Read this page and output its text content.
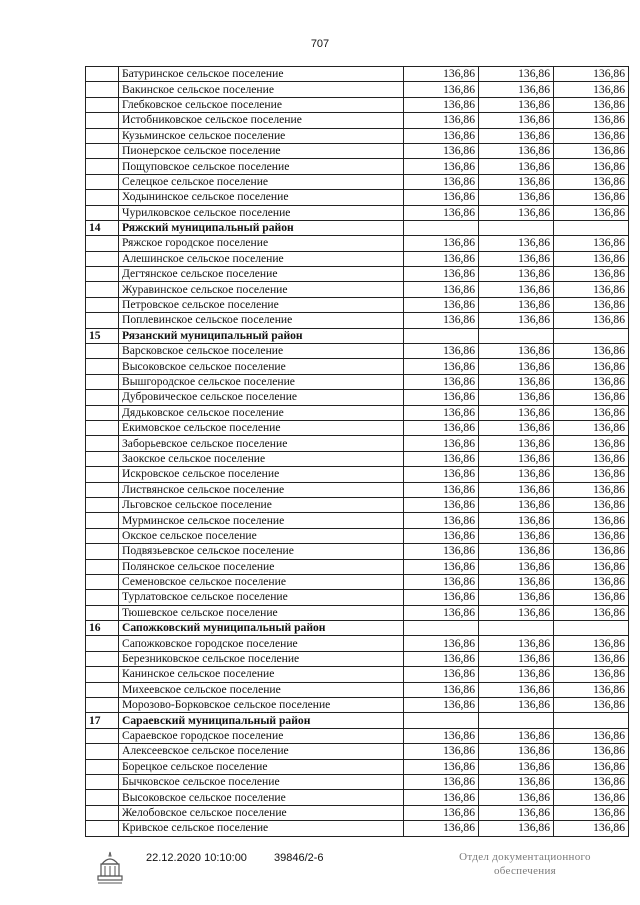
707
	Батуринское сельское поселение	136,86	136,86	136,86
	Вакинское сельское поселение	136,86	136,86	136,86
	Глебковское сельское поселение	136,86	136,86	136,86
	Истобниковское сельское поселение	136,86	136,86	136,86
	Кузьминское сельское поселение	136,86	136,86	136,86
	Пионерское сельское поселение	136,86	136,86	136,86
	Пощуповское сельское поселение	136,86	136,86	136,86
	Селецкое сельское поселение	136,86	136,86	136,86
	Ходынинское сельское поселение	136,86	136,86	136,86
	Чурилковское сельское поселение	136,86	136,86	136,86
14	Ряжский муниципальный район			
	Ряжское городское поселение	136,86	136,86	136,86
	Алешинское сельское поселение	136,86	136,86	136,86
	Дегтянское сельское поселение	136,86	136,86	136,86
	Журавинское сельское поселение	136,86	136,86	136,86
	Петровское сельское поселение	136,86	136,86	136,86
	Поплевинское сельское поселение	136,86	136,86	136,86
15	Рязанский муниципальный район			
	Варсковское сельское поселение	136,86	136,86	136,86
	Высоковское сельское поселение	136,86	136,86	136,86
	Вышгородское сельское поселение	136,86	136,86	136,86
	Дубровическое сельское поселение	136,86	136,86	136,86
	Дядьковское сельское поселение	136,86	136,86	136,86
	Екимовское сельское поселение	136,86	136,86	136,86
	Заборьевское сельское поселение	136,86	136,86	136,86
	Заокское сельское поселение	136,86	136,86	136,86
	Искровское сельское поселение	136,86	136,86	136,86
	Листвянское сельское поселение	136,86	136,86	136,86
	Льговское сельское поселение	136,86	136,86	136,86
	Мурминское сельское поселение	136,86	136,86	136,86
	Окское сельское поселение	136,86	136,86	136,86
	Подвязьевское сельское поселение	136,86	136,86	136,86
	Полянское сельское поселение	136,86	136,86	136,86
	Семеновское сельское поселение	136,86	136,86	136,86
	Турлатовское сельское поселение	136,86	136,86	136,86
	Тюшевское сельское поселение	136,86	136,86	136,86
16	Сапожковский муниципальный район			
	Сапожковское городское поселение	136,86	136,86	136,86
	Березниковское сельское поселение	136,86	136,86	136,86
	Канинское сельское поселение	136,86	136,86	136,86
	Михеевское сельское поселение	136,86	136,86	136,86
	Морозово-Борковское сельское поселение	136,86	136,86	136,86
17	Сараевский муниципальный район			
	Сараевское городское поселение	136,86	136,86	136,86
	Алексеевское сельское поселение	136,86	136,86	136,86
	Борецкое сельское поселение	136,86	136,86	136,86
	Бычковское сельское поселение	136,86	136,86	136,86
	Высоковское сельское поселение	136,86	136,86	136,86
	Желобовское сельское поселение	136,86	136,86	136,86
	Кривское сельское поселение	136,86	136,86	136,86
22.12.2020 10:10:00 39846/2-6	Отдел документационного
обеспечения
